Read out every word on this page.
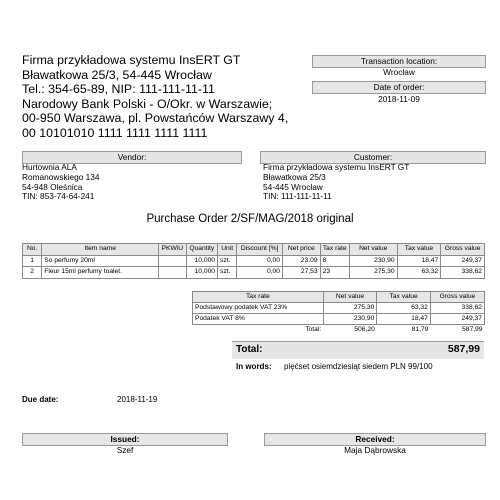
Firma przykładowa systemu InsERT GT
Bławatkowa 25/3, 54-445 Wrocław
Tel.: 354-65-89, NIP: 111-111-11-11
Narodowy Bank Polski - O/Okr. w Warszawie;
00-950 Warszawa, pl. Powstańców Warszawy 4,
00 10101010 1111 1111 1111 1111
Transaction location:
Wrocław
Date of order:
2018-11-09
Vendor:
Hurtownia ALA
Romanowskiego 134
54-948 Oleśnica
TIN: 853-74-64-241
Customer:
Firma przykładowa systemu InsERT GT
Bławatkowa 25/3
54-445 Wrocław
TIN: 111-111-11-11
Purchase Order 2/SF/MAG/2018 original
No.	Item name	PKWiU	Quantity	Unit	Discount [%]	Net price	Tax rate	Net value	Tax value	Gross value
1	So perfumy 20ml		10,000	szt.	0,00	23,09	8	230,90	18,47	249,37
2	Fleur 15ml perfumy toalet.		10,000	szt.	0,00	27,53	23	275,30	63,32	338,62
Tax rate	Net value	Tax value	Gross value
Podstawowy podatek VAT 23%	275,30	63,32	338,62
Podatek VAT 8%	230,90	18,47	249,37
Total:	506,20	81,79	587,99
Total:	587,99
In words: pięćset osiemdziesiąt siedem PLN 99/100
Due date:	2018-11-19
Issued:
Szef
Received:
Maja Dąbrowska
